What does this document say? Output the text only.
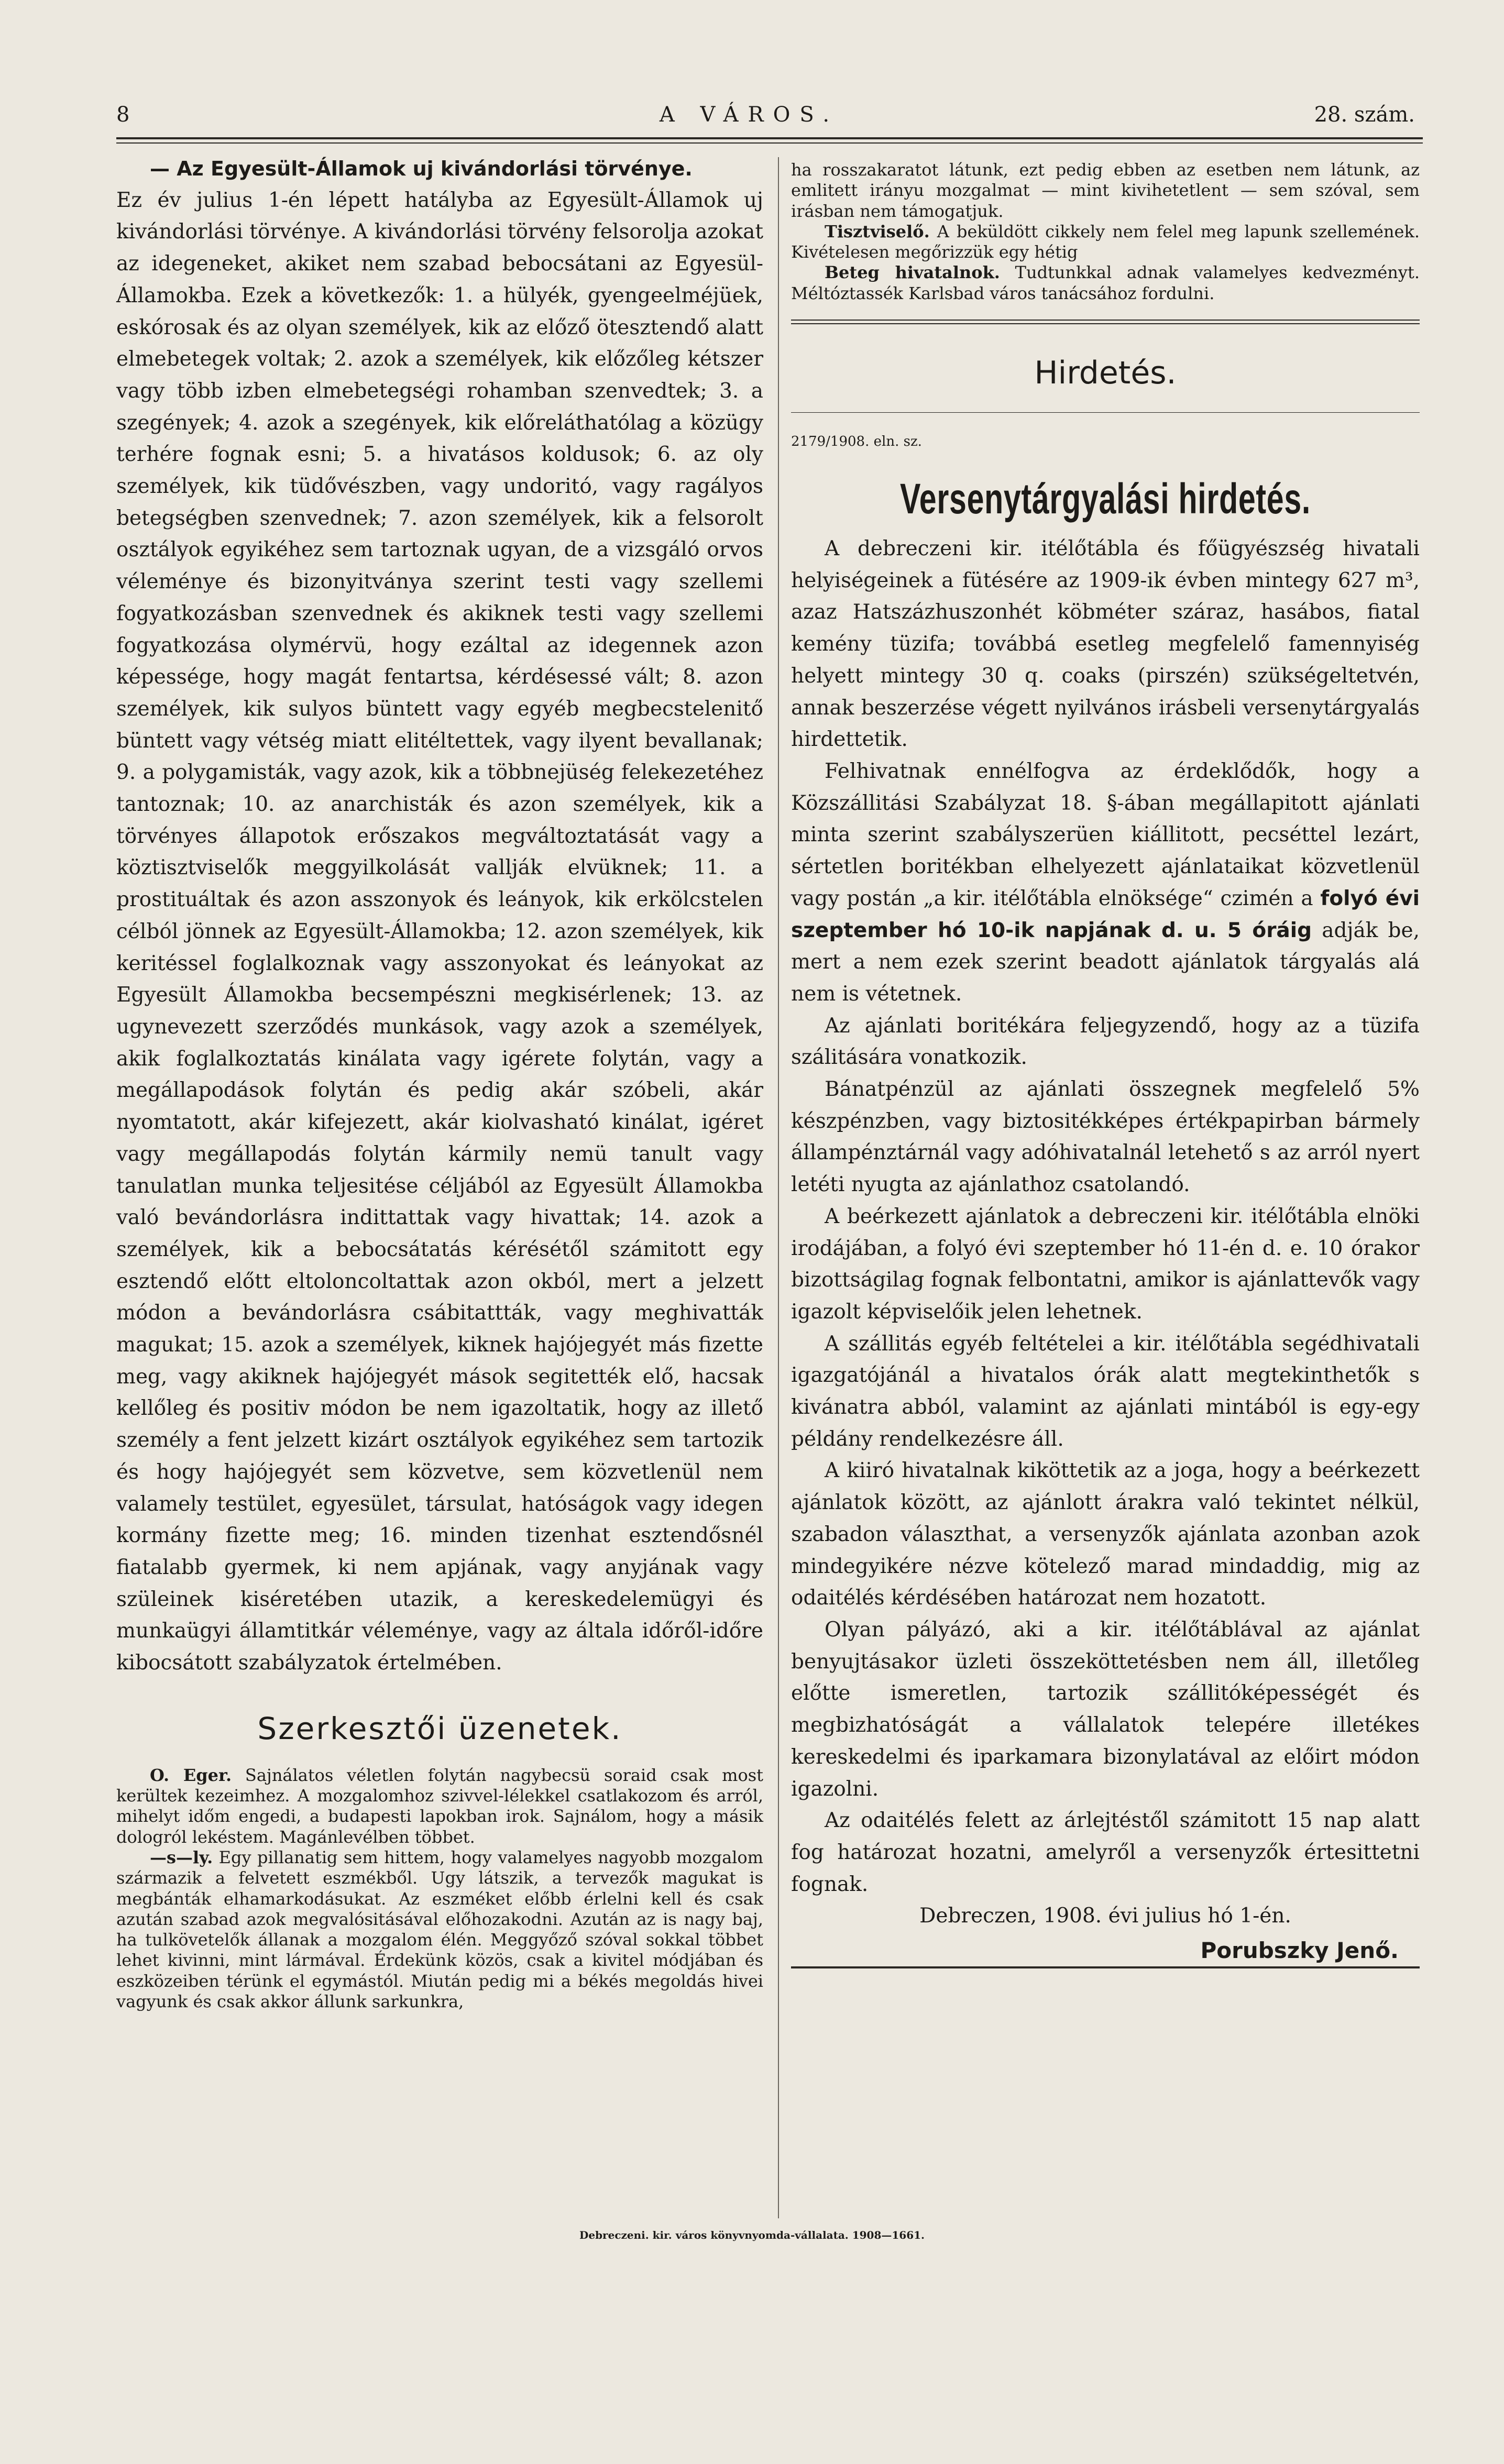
8	A VÁROS.	28. szám.

— Az Egyesült-Államok uj kivándorlási törvénye.

Ez év julius 1-én lépett hatályba az Egyesült-Államok uj kivándorlási törvénye. A kivándorlási törvény felsorolja azokat az idegeneket, akiket nem szabad bebocsátani az Egyesül-Államokba. Ezek a következők: 1. a hülyék, gyengeelméjüek, eskórosak és az olyan személyek, kik az előző ötesztendő alatt elmebetegek voltak; 2. azok a személyek, kik előzőleg kétszer vagy több izben elmebetegségi rohamban szenvedtek; 3. a szegények; 4. azok a szegények, kik előreláthatólag a közügy terhére fognak esni; 5. a hivatásos koldusok; 6. az oly személyek, kik tüdővészben, vagy undoritó, vagy ragályos betegségben szenvednek; 7. azon személyek, kik a felsorolt osztályok egyikéhez sem tartoznak ugyan, de a vizsgáló orvos véleménye és bizonyitványa szerint testi vagy szellemi fogyatkozásban szenvednek és akiknek testi vagy szellemi fogyatkozása olymérvü, hogy ezáltal az idegennek azon képessége, hogy magát fentartsa, kérdésessé vált; 8. azon személyek, kik sulyos büntett vagy egyéb megbecstelenitő büntett vagy vétség miatt elitéltettek, vagy ilyent bevallanak; 9. a polygamisták, vagy azok, kik a többnejüség felekezetéhez tantoznak; 10. az anarchisták és azon személyek, kik a törvényes állapotok erőszakos megváltoztatását vagy a köztisztviselők meggyilkolását vallják elvüknek; 11. a prostituáltak és azon asszonyok és leányok, kik erkölcstelen célból jönnek az Egyesült-Államokba; 12. azon személyek, kik keritéssel foglalkoznak vagy asszonyokat és leányokat az Egyesült Államokba becsempészni megkisérlenek; 13. az ugynevezett szerződés munkások, vagy azok a személyek, akik foglalkoztatás kinálata vagy igérete folytán, vagy a megállapodások folytán és pedig akár szóbeli, akár nyomtatott, akár kifejezett, akár kiolvasható kinálat, igéret vagy megállapodás folytán kármily nemü tanult vagy tanulatlan munka teljesitése céljából az Egyesült Államokba való bevándorlásra indittattak vagy hivattak; 14. azok a személyek, kik a bebocsátatás kérésétől számitott egy esztendő előtt eltoloncoltattak azon okból, mert a jelzett módon a bevándorlásra csábitattták, vagy meghivatták magukat; 15. azok a személyek, kiknek hajójegyét más fizette meg, vagy akiknek hajójegyét mások segitették elő, hacsak kellőleg és positiv módon be nem igazoltatik, hogy az illető személy a fent jelzett kizárt osztályok egyikéhez sem tartozik és hogy hajójegyét sem közvetve, sem közvetlenül nem valamely testület, egyesület, társulat, hatóságok vagy idegen kormány fizette meg; 16. minden tizenhat esztendősnél fiatalabb gyermek, ki nem apjának, vagy anyjának vagy szüleinek kiséretében utazik, a kereskedelemügyi és munkaügyi államtitkár véleménye, vagy az általa időről-időre kibocsátott szabályzatok értelmében.

Szerkesztői üzenetek.

O. Eger. Sajnálatos véletlen folytán nagybecsü soraid csak most kerültek kezeimhez. A mozgalomhoz szivvel-lélekkel csatlakozom és arról, mihelyt időm engedi, a budapesti lapokban irok. Sajnálom, hogy a másik dologról lekéstem. Magánlevélben többet.

—s—ly. Egy pillanatig sem hittem, hogy valamelyes nagyobb mozgalom származik a felvetett eszmékből. Ugy látszik, a tervezők magukat is megbánták elhamarkodásukat. Az eszméket előbb érlelni kell és csak azután szabad azok megvalósitásával előhozakodni. Azután az is nagy baj, ha tulkövetelők állanak a mozgalom élén. Meggyőző szóval sokkal többet lehet kivinni, mint lármával. Érdekünk közös, csak a kivitel módjában és eszközeiben térünk el egymástól. Miután pedig mi a békés megoldás hivei vagyunk és csak akkor állunk sarkunkra,

ha rosszakaratot látunk, ezt pedig ebben az esetben nem látunk, az emlitett irányu mozgalmat — mint kivihetetlent — sem szóval, sem irásban nem támogatjuk.

Tisztviselő. A beküldött cikkely nem felel meg lapunk szellemének. Kivételesen megőrizzük egy hétig

Beteg hivatalnok. Tudtunkkal adnak valamelyes kedvezményt. Méltóztassék Karlsbad város tanácsához fordulni.

Hirdetés.

2179/1908. eln. sz.

Versenytárgyalási hirdetés.

A debreczeni kir. itélőtábla és főügyészség hivatali helyiségeinek a fütésére az 1909-ik évben mintegy 627 m³, azaz Hatszázhuszonhét köbméter száraz, hasábos, fiatal kemény tüzifa; továbbá esetleg megfelelő famennyiség helyett mintegy 30 q. coaks (pirszén) szükségeltetvén, annak beszerzése végett nyilvános irásbeli versenytárgyalás hirdettetik.

Felhivatnak ennélfogva az érdeklődők, hogy a Közszállitási Szabályzat 18. §-ában megállapitott ajánlati minta szerint szabályszerüen kiállitott, pecséttel lezárt, sértetlen boritékban elhelyezett ajánlataikat közvetlenül vagy postán „a kir. itélőtábla elnöksége“ czimén a folyó évi szeptember hó 10-ik napjának d. u. 5 óráig adják be, mert a nem ezek szerint beadott ajánlatok tárgyalás alá nem is vétetnek.

Az ajánlati boritékára feljegyzendő, hogy az a tüzifa szálitására vonatkozik.

Bánatpénzül az ajánlati összegnek megfelelő 5% készpénzben, vagy biztositékképes értékpapirban bármely állampénztárnál vagy adóhivatalnál letehető s az arról nyert letéti nyugta az ajánlathoz csatolandó.

A beérkezett ajánlatok a debreczeni kir. itélőtábla elnöki irodájában, a folyó évi szeptember hó 11-én d. e. 10 órakor bizottságilag fognak felbontatni, amikor is ajánlattevők vagy igazolt képviselőik jelen lehetnek.

A szállitás egyéb feltételei a kir. itélőtábla segédhivatali igazgatójánál a hivatalos órák alatt megtekinthetők s kivánatra abból, valamint az ajánlati mintából is egy-egy példány rendelkezésre áll.

A kiiró hivatalnak kiköttetik az a joga, hogy a beérkezett ajánlatok között, az ajánlott árakra való tekintet nélkül, szabadon választhat, a versenyzők ajánlata azonban azok mindegyikére nézve kötelező marad mindaddig, mig az odaitélés kérdésében határozat nem hozatott.

Olyan pályázó, aki a kir. itélőtáblával az ajánlat benyujtásakor üzleti összeköttetésben nem áll, illetőleg előtte ismeretlen, tartozik szállitóképességét és megbizhatóságát a vállalatok telepére illetékes kereskedelmi és iparkamara bizonylatával az előirt módon igazolni.

Az odaitélés felett az árlejtéstől számitott 15 nap alatt fog határozat hozatni, amelyről a versenyzők értesittetni fognak.

Debreczen, 1908. évi julius hó 1-én.

Porubszky Jenő.

Debreczeni. kir. város könyvnyomda-vállalata. 1908—1661.
